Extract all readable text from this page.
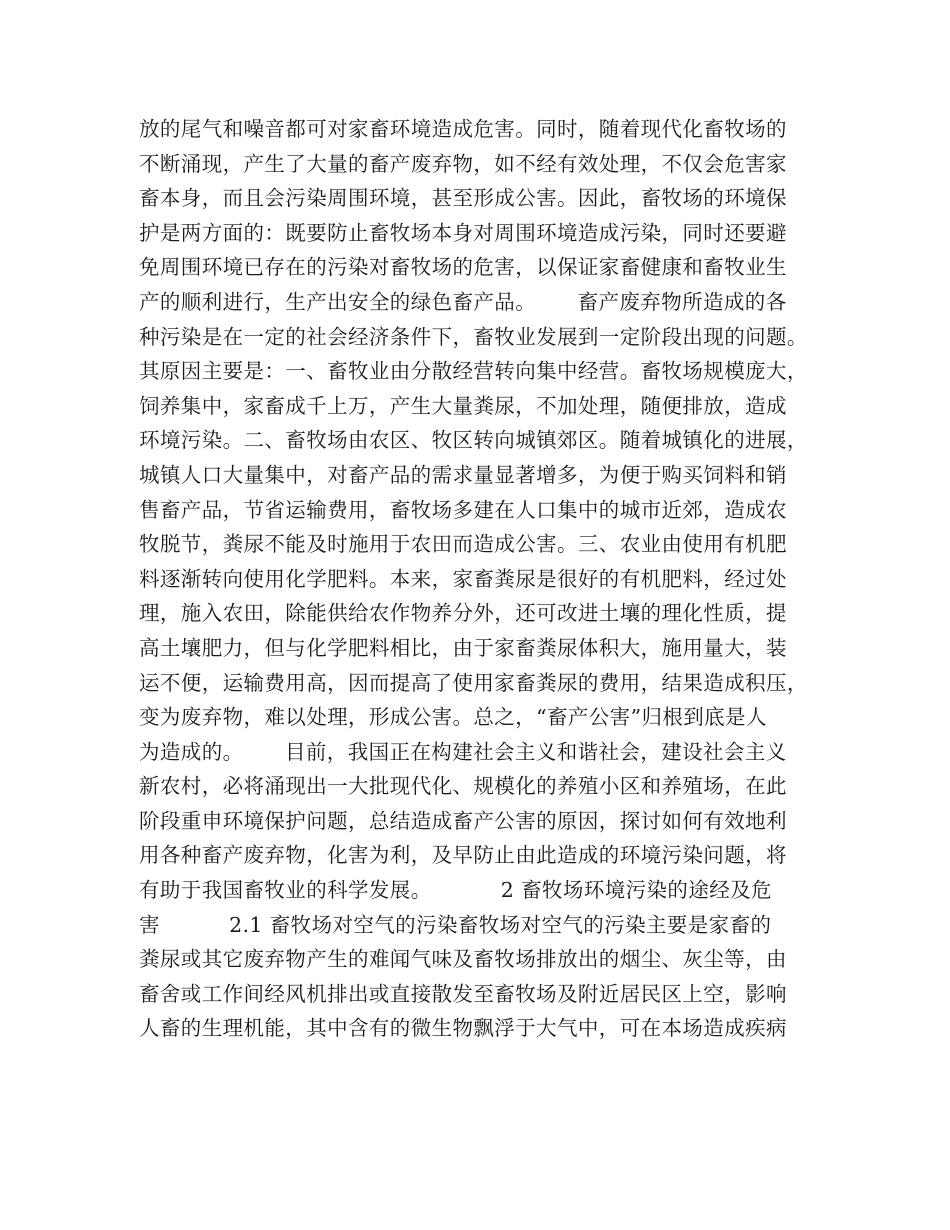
放的尾气和噪音都可对家畜环境造成危害。同时，随着现代化畜牧场的
不断涌现，产生了大量的畜产废弃物，如不经有效处理，不仅会危害家
畜本身，而且会污染周围环境，甚至形成公害。因此，畜牧场的环境保
护是两方面的：既要防止畜牧场本身对周围环境造成污染，同时还要避
免周围环境已存在的污染对畜牧场的危害，以保证家畜健康和畜牧业生
产的顺利进行，生产出安全的绿色畜产品。      畜产废弃物所造成的各
种污染是在一定的社会经济条件下，畜牧业发展到一定阶段出现的问题。
其原因主要是：一、畜牧业由分散经营转向集中经营。畜牧场规模庞大，
饲养集中，家畜成千上万，产生大量粪尿，不加处理，随便排放，造成
环境污染。二、畜牧场由农区、牧区转向城镇郊区。随着城镇化的进展，
城镇人口大量集中，对畜产品的需求量显著增多，为便于购买饲料和销
售畜产品，节省运输费用，畜牧场多建在人口集中的城市近郊，造成农
牧脱节，粪尿不能及时施用于农田而造成公害。三、农业由使用有机肥
料逐渐转向使用化学肥料。本来，家畜粪尿是很好的有机肥料，经过处
理，施入农田，除能供给农作物养分外，还可改进土壤的理化性质，提
高土壤肥力，但与化学肥料相比，由于家畜粪尿体积大，施用量大，装
运不便，运输费用高，因而提高了使用家畜粪尿的费用，结果造成积压，
变为废弃物，难以处理，形成公害。总之，“畜产公害”归根到底是人
为造成的。      目前，我国正在构建社会主义和谐社会，建设社会主义
新农村，必将涌现出一大批现代化、规模化的养殖小区和养殖场，在此
阶段重申环境保护问题，总结造成畜产公害的原因，探讨如何有效地利
用各种畜产废弃物，化害为利，及早防止由此造成的环境污染问题，将
有助于我国畜牧业的科学发展。          2 畜牧场环境污染的途经及危
害          2.1 畜牧场对空气的污染畜牧场对空气的污染主要是家畜的
粪尿或其它废弃物产生的难闻气味及畜牧场排放出的烟尘、灰尘等，由
畜舍或工作间经风机排出或直接散发至畜牧场及附近居民区上空，影响
人畜的生理机能，其中含有的微生物飘浮于大气中，可在本场造成疾病
